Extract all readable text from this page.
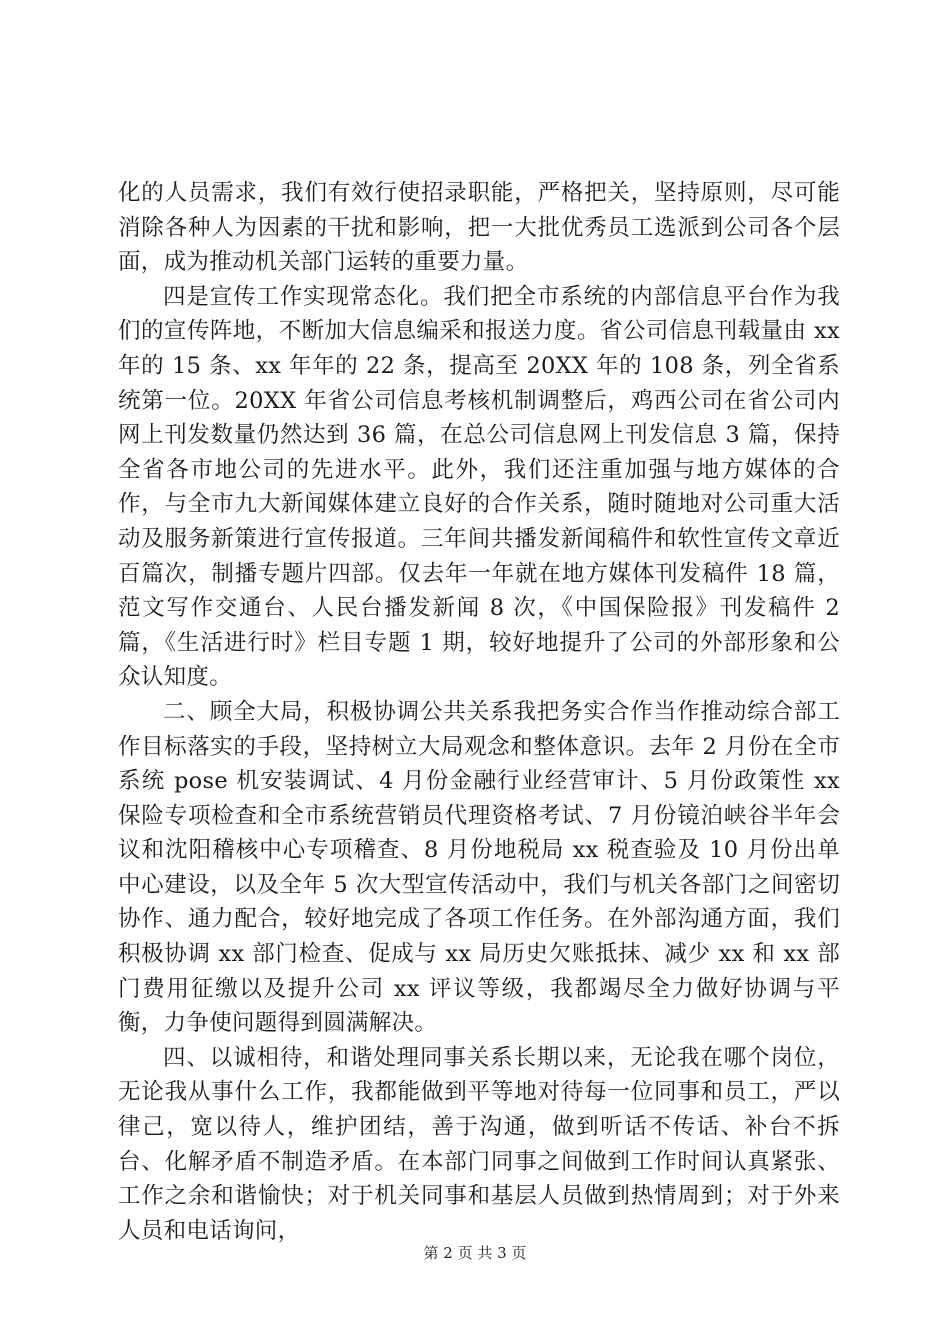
化的人员需求，我们有效行使招录职能，严格把关，坚持原则，尽可能消除各种人为因素的干扰和影响，把一大批优秀员工选派到公司各个层面，成为推动机关部门运转的重要力量。

四是宣传工作实现常态化。我们把全市系统的内部信息平台作为我们的宣传阵地，不断加大信息编采和报送力度。省公司信息刊载量由 xx 年的 15 条、xx 年年的 22 条，提高至 20XX 年的 108 条，列全省系统第一位。20XX 年省公司信息考核机制调整后，鸡西公司在省公司内网上刊发数量仍然达到 36 篇，在总公司信息网上刊发信息 3 篇，保持全省各市地公司的先进水平。此外，我们还注重加强与地方媒体的合作，与全市九大新闻媒体建立良好的合作关系，随时随地对公司重大活动及服务新策进行宣传报道。三年间共播发新闻稿件和软性宣传文章近百篇次，制播专题片四部。仅去年一年就在地方媒体刊发稿件 18 篇，范文写作交通台、人民台播发新闻 8 次，《中国保险报》刊发稿件 2 篇，《生活进行时》栏目专题 1 期，较好地提升了公司的外部形象和公众认知度。

二、顾全大局，积极协调公共关系我把务实合作当作推动综合部工作目标落实的手段，坚持树立大局观念和整体意识。去年 2 月份在全市系统 pose 机安装调试、4 月份金融行业经营审计、5 月份政策性 xx 保险专项检查和全市系统营销员代理资格考试、7 月份镜泊峡谷半年会议和沈阳稽核中心专项稽查、8 月份地税局 xx 税查验及 10 月份出单中心建设，以及全年 5 次大型宣传活动中，我们与机关各部门之间密切协作、通力配合，较好地完成了各项工作任务。在外部沟通方面，我们积极协调 xx 部门检查、促成与 xx 局历史欠账抵抹、减少 xx 和 xx 部门费用征缴以及提升公司 xx 评议等级，我都竭尽全力做好协调与平衡，力争使问题得到圆满解决。

四、以诚相待，和谐处理同事关系长期以来，无论我在哪个岗位，无论我从事什么工作，我都能做到平等地对待每一位同事和员工，严以律己，宽以待人，维护团结，善于沟通，做到听话不传话、补台不拆台、化解矛盾不制造矛盾。在本部门同事之间做到工作时间认真紧张、工作之余和谐愉快；对于机关同事和基层人员做到热情周到；对于外来人员和电话询问，

第 2 页 共 3 页
